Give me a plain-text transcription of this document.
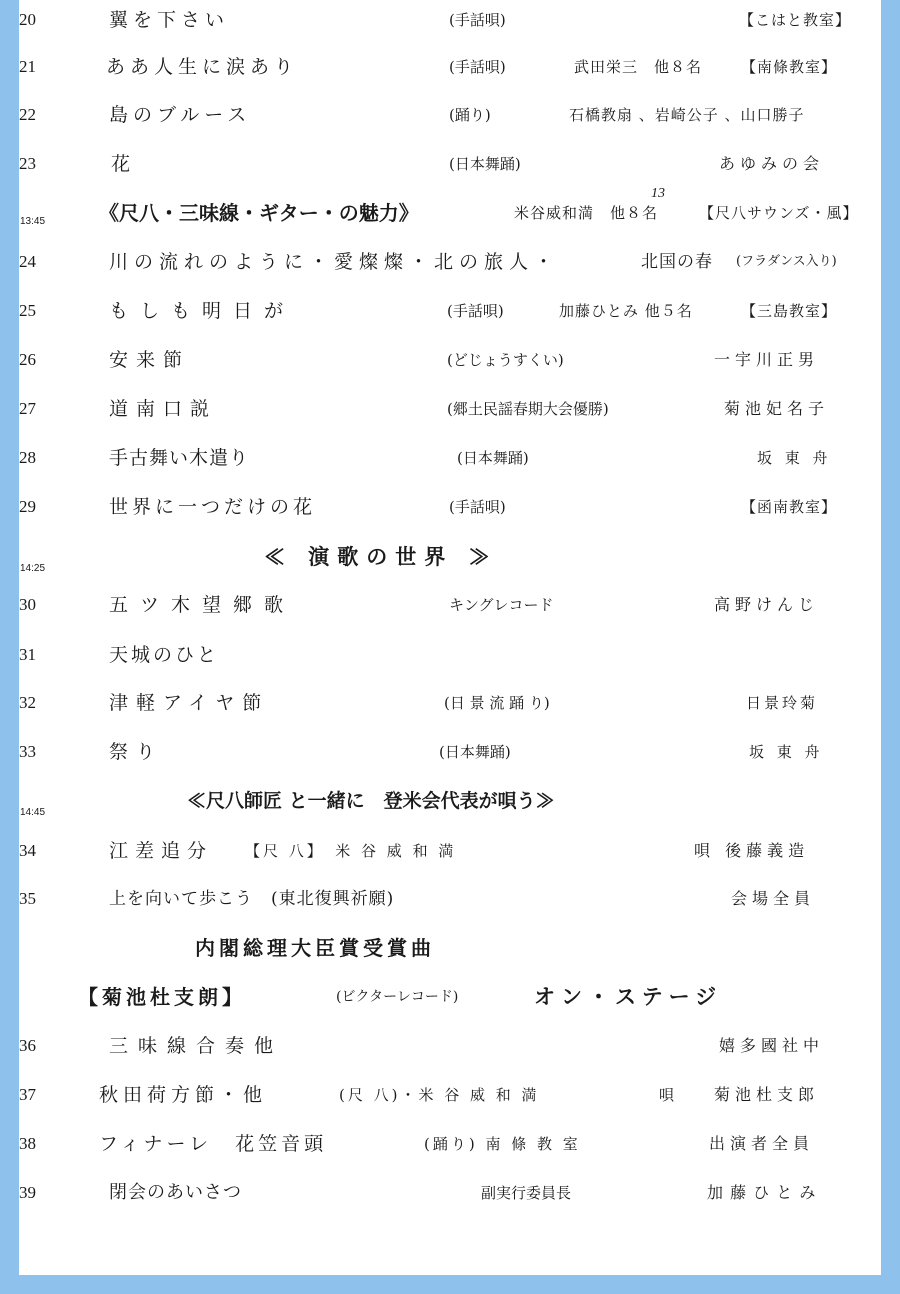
20	翼を下さい	(手話唄)	【こはと教室】
21	ああ人生に涙あり	(手話唄)	武田栄三　他８名	【南條教室】
22	島のブルース	(踊り)	石橋教扇 、岩崎公子 、山口勝子
23	花	(日本舞踊)	あゆみの会
13:45	《尺八・三味線・ギター・の魅力》	米谷威和満　他８名	【尺八サウンズ・風】
13
24	川の流れのように・愛燦燦・北の旅人・	北国の春 (フラダンス入り)
25	もしも明日が	(手話唄)	加藤ひとみ 他５名	【三島教室】
26	安来節	(どじょうすくい)	一宇川正男
27	道南口説	(郷土民謡春期大会優勝)	菊池妃名子
28	手古舞い木遣り	(日本舞踊)	坂 東 舟
29	世界に一つだけの花	(手話唄)	【函南教室】
14:25	≪ 演歌の世界 ≫
30	五ツ木望郷歌	キングレコード	高野けんじ
31	天城のひと
32	津軽アイヤ節	(日 景 流 踊 り)	日景玲菊
33	祭り	(日本舞踊)	坂 東 舟
14:45
≪尺八師匠 と一緒に　登米会代表が唄う≫
34	江差追分 【尺 八】　米 谷 威 和 満	唄 後藤義造
35	上を向いて歩こう　(東北復興祈願)	会場全員
内閣総理大臣賞受賞曲
【菊池杜支朗】	(ビクターレコード)	オン・ステージ
36	三味線合奏他	嬉多國社中
37	秋田荷方節・他	(尺 八)・米 谷 威 和 満	唄 菊池杜支郎
38	フィナーレ　花笠音頭	(踊り) 南 條 教 室	出演者全員
39	閉会のあいさつ	副実行委員長	加 藤 ひ と み
